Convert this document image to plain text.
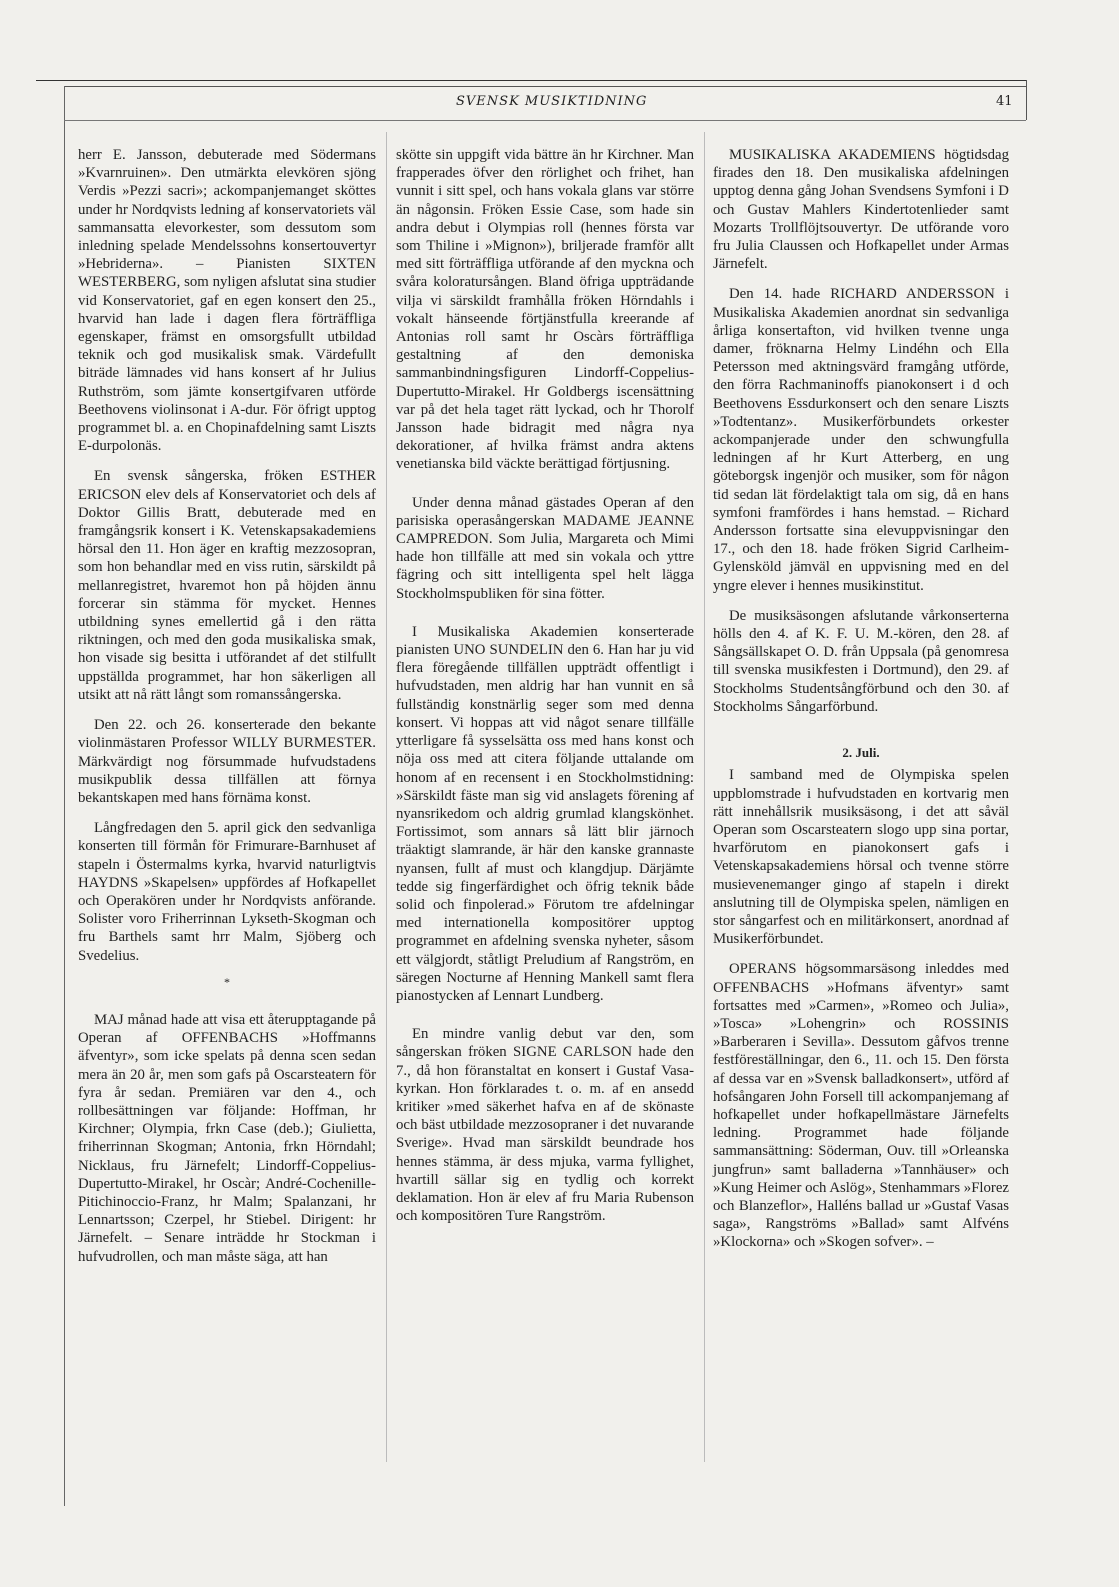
SVENSK MUSIKTIDNING	41

herr E. Jansson, debuterade med Södermans »Kvarnruinen». Den utmärkta elevkören sjöng Verdis »Pezzi sacri»; ackompanjemanget sköttes under hr Nordqvists ledning af konservatoriets väl sammansatta elevorkester, som dessutom som inledning spelade Mendelssohns konsertouvertyr »Hebriderna». – Pianisten SIXTEN WESTERBERG, som nyligen afslutat sina studier vid Konservatoriet, gaf en egen konsert den 25., hvarvid han lade i dagen flera förträffliga egenskaper, främst en omsorgsfullt utbildad teknik och god musikalisk smak. Värdefullt biträde lämnades vid hans konsert af hr Julius Ruthström, som jämte konsertgifvaren utförde Beethovens violinsonat i A-dur. För öfrigt upptog programmet bl. a. en Chopinafdelning samt Liszts E-durpolonäs.

En svensk sångerska, fröken ESTHER ERICSON elev dels af Konservatoriet och dels af Doktor Gillis Bratt, debuterade med en framgångsrik konsert i K. Vetenskapsakademiens hörsal den 11. Hon äger en kraftig mezzosopran, som hon behandlar med en viss rutin, särskildt på mellanregistret, hvaremot hon på höjden ännu forcerar sin stämma för mycket. Hennes utbildning synes emellertid gå i den rätta riktningen, och med den goda musikaliska smak, hon visade sig besitta i utförandet af det stilfullt uppställda programmet, har hon säkerligen all utsikt att nå rätt långt som romanssångerska.

Den 22. och 26. konserterade den bekante violinmästaren Professor WILLY BURMESTER. Märkvärdigt nog försummade hufvudstadens musikpublik dessa tillfällen att förnya bekantskapen med hans förnäma konst.

Långfredagen den 5. april gick den sedvanliga konserten till förmån för Frimurare-Barnhuset af stapeln i Östermalms kyrka, hvarvid naturligtvis HAYDNS »Skapelsen» uppfördes af Hofkapellet och Operakören under hr Nordqvists anförande. Solister voro Friherrinnan Lykseth-Skogman och fru Barthels samt hrr Malm, Sjöberg och Svedelius.

*

MAJ månad hade att visa ett återupptagande på Operan af OFFENBACHS »Hoffmanns äfventyr», som icke spelats på denna scen sedan mera än 20 år, men som gafs på Oscarsteatern för fyra år sedan. Premiären var den 4., och rollbesättningen var följande: Hoffman, hr Kirchner; Olympia, frkn Case (deb.); Giulietta, friherrinnan Skogman; Antonia, frkn Hörndahl; Nicklaus, fru Järnefelt; Lindorff-Coppelius-Dupertutto-Mirakel, hr Oscàr; André-Cochenille-Pitichinoccio-Franz, hr Malm; Spalanzani, hr Lennartsson; Czerpel, hr Stiebel. Dirigent: hr Järnefelt. – Senare inträdde hr Stockman i hufvudrollen, och man måste säga, att han

skötte sin uppgift vida bättre än hr Kirchner. Man frapperades öfver den rörlighet och frihet, han vunnit i sitt spel, och hans vokala glans var större än någonsin. Fröken Essie Case, som hade sin andra debut i Olympias roll (hennes första var som Thiline i »Mignon»), briljerade framför allt med sitt förträffliga utförande af den myckna och svåra koloratursången. Bland öfriga uppträdande vilja vi särskildt framhålla fröken Hörndahls i vokalt hänseende förtjänstfulla kreerande af Antonias roll samt hr Oscàrs förträffliga gestaltning af den demoniska sammanbindningsfiguren Lindorff-Coppelius-Dupertutto-Mirakel. Hr Goldbergs iscensättning var på det hela taget rätt lyckad, och hr Thorolf Jansson hade bidragit med några nya dekorationer, af hvilka främst andra aktens venetianska bild väckte berättigad förtjusning.

Under denna månad gästades Operan af den parisiska operasångerskan MADAME JEANNE CAMPREDON. Som Julia, Margareta och Mimi hade hon tillfälle att med sin vokala och yttre fägring och sitt intelligenta spel helt lägga Stockholmspubliken för sina fötter.

I Musikaliska Akademien konserterade pianisten UNO SUNDELIN den 6. Han har ju vid flera föregående tillfällen uppträdt offentligt i hufvudstaden, men aldrig har han vunnit en så fullständig konstnärlig seger som med denna konsert. Vi hoppas att vid något senare tillfälle ytterligare få sysselsätta oss med hans konst och nöja oss med att citera följande uttalande om honom af en recensent i en Stockholmstidning: »Särskildt fäste man sig vid anslagets förening af nyansrikedom och aldrig grumlad klangskönhet. Fortissimot, som annars så lätt blir järnoch träaktigt slamrande, är här den kanske grannaste nyansen, fullt af must och klangdjup. Därjämte tedde sig fingerfärdighet och öfrig teknik både solid och finpolerad.» Förutom tre afdelningar med internationella kompositörer upptog programmet en afdelning svenska nyheter, såsom ett välgjordt, ståtligt Preludium af Rangström, en säregen Nocturne af Henning Mankell samt flera pianostycken af Lennart Lundberg.

En mindre vanlig debut var den, som sångerskan fröken SIGNE CARLSON hade den 7., då hon föranstaltat en konsert i Gustaf Vasa-kyrkan. Hon förklarades t. o. m. af en ansedd kritiker »med säkerhet hafva en af de skönaste och bäst utbildade mezzosopraner i det nuvarande Sverige». Hvad man särskildt beundrade hos hennes stämma, är dess mjuka, varma fyllighet, hvartill sällar sig en tydlig och korrekt deklamation. Hon är elev af fru Maria Rubenson och kompositören Ture Rangström.

MUSIKALISKA AKADEMIENS högtidsdag firades den 18. Den musikaliska afdelningen upptog denna gång Johan Svendsens Symfoni i D och Gustav Mahlers Kindertotenlieder samt Mozarts Trollflöjtsouvertyr. De utförande voro fru Julia Claussen och Hofkapellet under Armas Järnefelt.

Den 14. hade RICHARD ANDERSSON i Musikaliska Akademien anordnat sin sedvanliga årliga konsertafton, vid hvilken tvenne unga damer, fröknarna Helmy Lindéhn och Ella Petersson med aktningsvärd framgång utförde, den förra Rachmaninoffs pianokonsert i d och Beethovens Essdurkonsert och den senare Liszts »Todtentanz». Musikerförbundets orkester ackompanjerade under den schwungfulla ledningen af hr Kurt Atterberg, en ung göteborgsk ingenjör och musiker, som för någon tid sedan lät fördelaktigt tala om sig, då en hans symfoni framfördes i hans hemstad. – Richard Andersson fortsatte sina elevuppvisningar den 17., och den 18. hade fröken Sigrid Carlheim-Gylensköld jämväl en uppvisning med en del yngre elever i hennes musikinstitut.

De musiksäsongen afslutande vårkonserterna hölls den 4. af K. F. U. M.-kören, den 28. af Sångsällskapet O. D. från Uppsala (på genomresa till svenska musikfesten i Dortmund), den 29. af Stockholms Studentsångförbund och den 30. af Stockholms Sångarförbund.

2. Juli.

I samband med de Olympiska spelen uppblomstrade i hufvudstaden en kortvarig men rätt innehållsrik musiksäsong, i det att såväl Operan som Oscarsteatern slogo upp sina portar, hvarförutom en pianokonsert gafs i Vetenskapsakademiens hörsal och tvenne större musievenemanger gingo af stapeln i direkt anslutning till de Olympiska spelen, nämligen en stor sångarfest och en militärkonsert, anordnad af Musikerförbundet.

OPERANS högsommarsäsong inleddes med OFFENBACHS »Hofmans äfventyr» samt fortsattes med »Carmen», »Romeo och Julia», »Tosca» »Lohengrin» och ROSSINIS »Barberaren i Sevilla». Dessutom gåfvos trenne festföreställningar, den 6., 11. och 15. Den första af dessa var en »Svensk balladkonsert», utförd af hofsångaren John Forsell till ackompanjemang af hofkapellet under hofkapellmästare Järnefelts ledning. Programmet hade följande sammansättning: Söderman, Ouv. till »Orleanska jungfrun» samt balladerna »Tannhäuser» och »Kung Heimer och Aslög», Stenhammars »Florez och Blanzeflor», Halléns ballad ur »Gustaf Vasas saga», Rangströms »Ballad» samt Alfvéns »Klockorna» och »Skogen sofver». –
